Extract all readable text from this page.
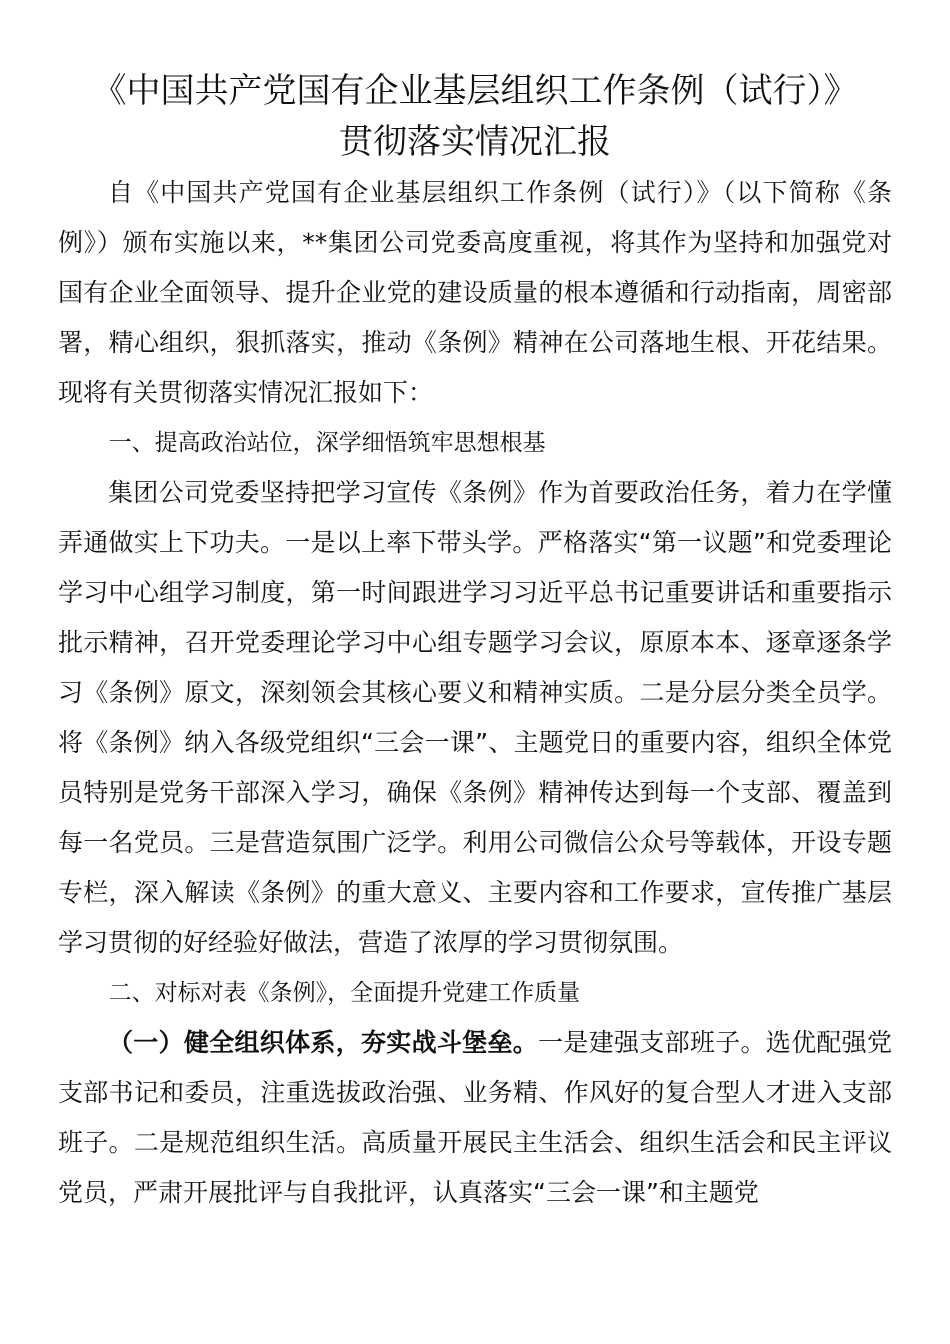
《中国共产党国有企业基层组织工作条例（试行）》
贯彻落实情况汇报

自《中国共产党国有企业基层组织工作条例（试行）》（以下简称《条例》）颁布实施以来，**集团公司党委高度重视，将其作为坚持和加强党对国有企业全面领导、提升企业党的建设质量的根本遵循和行动指南，周密部署，精心组织，狠抓落实，推动《条例》精神在公司落地生根、开花结果。现将有关贯彻落实情况汇报如下：

一、提高政治站位，深学细悟筑牢思想根基

集团公司党委坚持把学习宣传《条例》作为首要政治任务，着力在学懂弄通做实上下功夫。一是以上率下带头学。严格落实“第一议题”和党委理论学习中心组学习制度，第一时间跟进学习习近平总书记重要讲话和重要指示批示精神，召开党委理论学习中心组专题学习会议，原原本本、逐章逐条学习《条例》原文，深刻领会其核心要义和精神实质。二是分层分类全员学。将《条例》纳入各级党组织“三会一课”、主题党日的重要内容，组织全体党员特别是党务干部深入学习，确保《条例》精神传达到每一个支部、覆盖到每一名党员。三是营造氛围广泛学。利用公司微信公众号等载体，开设专题专栏，深入解读《条例》的重大意义、主要内容和工作要求，宣传推广基层学习贯彻的好经验好做法，营造了浓厚的学习贯彻氛围。

二、对标对表《条例》，全面提升党建工作质量

（一）健全组织体系，夯实战斗堡垒。一是建强支部班子。选优配强党支部书记和委员，注重选拔政治强、业务精、作风好的复合型人才进入支部班子。二是规范组织生活。高质量开展民主生活会、组织生活会和民主评议党员，严肃开展批评与自我批评，认真落实“三会一课”和主题党
